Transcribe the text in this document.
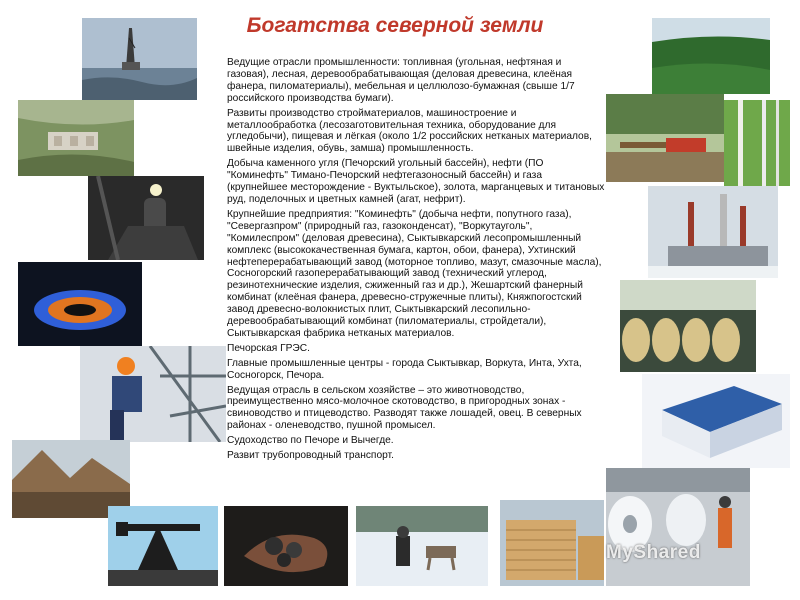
Богатства северной земли

Ведущие отрасли промышленности: топливная (угольная, нефтяная и газовая), лесная, деревообрабатывающая (деловая древесина, клеёная фанера, пиломатериалы), мебельная и целлюлозо-бумажная (свыше 1/7 российского производства бумаги).

Развиты производство стройматериалов, машиностроение и металлообработка (лесозаготовительная техника, оборудование для угледобычи), пищевая и лёгкая (около 1/2 российских нетканых материалов, швейные изделия, обувь, замша) промышленность.

Добыча каменного угля (Печорский угольный бассейн), нефти (ПО "Коминефть" Тимано-Печорский нефтегазоносный бассейн) и газа (крупнейшее месторождение - Вуктыльское), золота, марганцевых и титановых руд, поделочных и цветных камней (агат, нефрит).

Крупнейшие предприятия: "Коминефть" (добыча нефти, попутного газа), "Севергазпром" (природный газ, газоконденсат), "Воркутауголь", "Комилеспром" (деловая древесина), Сыктывкарский лесопромышленный комплекс (высококачественная бумага, картон, обои, фанера), Ухтинский нефтеперерабатывающий завод (моторное топливо, мазут, смазочные масла), Сосногорский газоперерабатывающий завод (технический углерод, резинотехнические изделия, сжиженный газ и др.), Жешартский фанерный комбинат (клеёная фанера, древесно-стружечные плиты), Княжпогостский завод древесно-волокнистых плит, Сыктывкарский лесопильно-деревообрабатывающий комбинат (пиломатериалы, стройдетали), Сыктывкарская фабрика нетканых материалов.

Печорская ГРЭС.

Главные промышленные центры - города Сыктывкар, Воркута, Инта, Ухта, Сосногорск, Печора.

Ведущая отрасль в сельском хозяйстве – это животноводство, преимущественно мясо-молочное скотоводство, в пригородных зонах - свиноводство и птицеводство. Разводят также лошадей, овец. В северных районах - оленеводство, пушной промысел.

Судоходство по Печоре и Вычегде.

Развит трубопроводный транспорт.

MyShared
